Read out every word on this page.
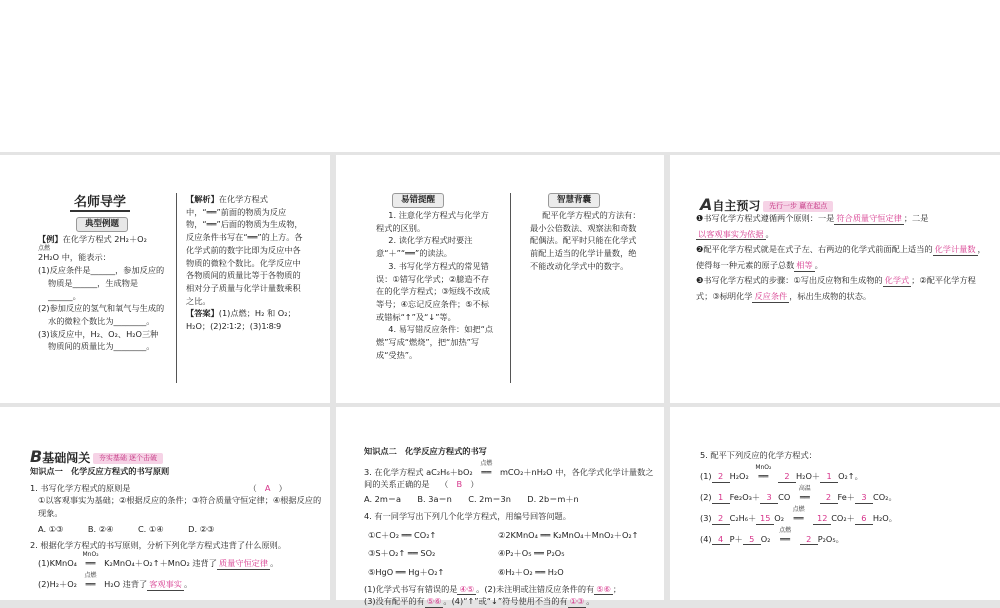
名师导学
典型例题
【例】在化学方程式 2H₂＋O₂
点燃
2H₂O 中，能表示：
(1)反应条件是______，参加反应的物质是______，生成物是______。
(2)参加反应的氢气和氧气与生成的水的微粒个数比为________。
(3)该反应中，H₂、O₂、H₂O三种物质间的质量比为________。
【解析】在化学方程式中，“══”前面的物质为反应物，“══”后面的物质为生成物，反应条件书写在“══”的上方。各化学式前的数字比即为反应中各物质的微粒个数比。化学反应中各物质间的质量比等于各物质的相对分子质量与化学计量数乘积之比。
【答案】(1)点燃；H₂ 和 O₂；H₂O；(2)2∶1∶2；(3)1∶8∶9
易错提醒
1. 注意化学方程式与化学方程式的区别。
2. 读化学方程式时要注意“＋”“══”的读法。
3. 书写化学方程式的常见错误：①错写化学式；②臆造不存在的化学方程式；③短线不改成等号；④忘记反应条件；⑤不标或错标“↑”及“↓”等。
4. 易写错反应条件：如把“点燃”写成“燃烧”，把“加热”写成“受热”。
智慧背囊
配平化学方程式的方法有：最小公倍数法、观察法和奇数配偶法。配平时只能在化学式前配上适当的化学计量数，绝不能改动化学式中的数字。
A自主预习 先行一步 赢在起点
❶书写化学方程式遵循两个原则：一是 符合质量守恒定律 ；二是以客观事实为依据 。
❷配平化学方程式就是在式子左、右两边的化学式前面配上适当的 化学计量数 ，使得每一种元素的原子总数 相等 。
❸书写化学方程式的步骤：①写出反应物和生成物的 化学式 ；②配平化学方程式；③标明化学 反应条件 ，标出生成物的状态。
B基础闯关 夯实基础 逐个击破
知识点一　化学反应方程式的书写原则
1. 书写化学方程式的原则是	（　A　）
①以客观事实为基础；②根据反应的条件；③符合质量守恒定律；④根据反应的现象。
A. ①③　　　B. ②④　　　C. ①④　　　D. ②③
2. 根据化学方程式的书写原则，分析下列化学方程式违背了什么原则。
(1)KMnO₄ ══
MnO₂
K₂MnO₄＋O₂↑＋MnO₂ 违背了 质量守恒定律 。
(2)H₂＋O₂ ══
点燃
H₂O 违背了 客观事实 。
知识点二　化学反应方程式的书写
3. 在化学方程式 aC₂H₆＋bO₂ ══
点燃
mCO₂＋nH₂O 中，各化学式化学计量数之间的关系正确的是 （　B　）
A. 2m＝a　　B. 3a＝n　　C. 2m＝3n　　D. 2b＝m＋n
4. 有一同学写出下列几个化学方程式，用编号回答问题。
①C＋O₂ ══ CO₂↑	②2KMnO₄ ══ K₂MnO₄＋MnO₂＋O₂↑
③S＋O₂↑ ══ SO₂	④P₂＋O₅ ══ P₂O₅
⑤HgO ══ Hg＋O₂↑	⑥H₂＋O₂ ══ H₂O
(1)化学式书写有错误的是 ④⑤ 。(2)未注明或注错反应条件的有 ⑤⑥ ；
(3)没有配平的有 ⑤⑥ 。(4)“↑”或“↓”符号使用不当的有 ①③ 。
5. 配平下列反应的化学方程式：
(1) 2 H₂O₂ ══
MnO₂
2 H₂O＋ 1 O₂↑。
(2) 1 Fe₂O₃＋ 3 CO ══
高温
2 Fe＋ 3 CO₂。
(3) 2 C₂H₆＋ 15 O₂ ══
点燃
12 CO₂＋ 6 H₂O。
(4) 4 P＋ 5 O₂ ══
点燃
2 P₂O₅。
